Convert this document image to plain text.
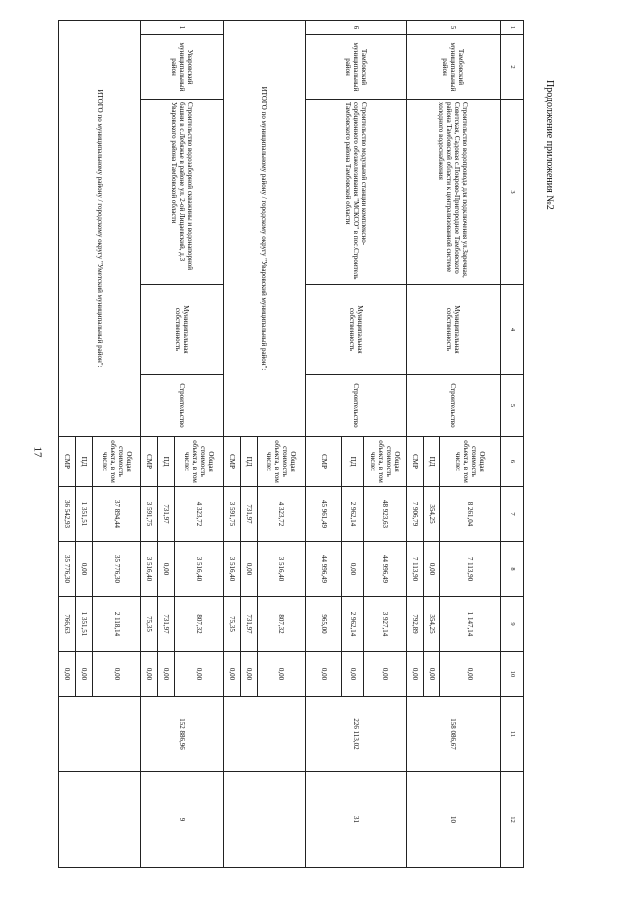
17
Продолжение приложения №2
1	2	3	4	5	6	7	8	9	10	11	12
5	Тамбовский муниципальный район	Строительство водопровода для подключения ул.Заречная, Советская, Садовая с.Покрово-Пригородное Тамбовского района Тамбовской области к централизованной системе холодного водоснабжения	Муниципальная собственность	Строительство	Общая стоимость объекта, в том числе:	8 261,04	7 113,90	1 147,14	0,00	158 086,67	10
					ПД	354,25	0,00	354,25	0,00		
					СМР	7 906,79	7 113,90	792,89	0,00		
6	Тамбовский муниципальный район	Строительство модульной станции комплексно-сорбционного обезжелезивания "МСКСО" в пос.Строитель Тамбовского района Тамбовской области	Муниципальная собственность	Строительство	Общая стоимость объекта, в том числе:	48 923,63	44 996,49	3 927,14	0,00	226 113,02	31
					ПД	2 962,14	0,00	2 962,14	0,00		
					СМР	45 961,49	44 996,49	965,00	0,00		
ИТОГО по муниципальному району / городскому округу "Уваровский муниципальный район":					Общая стоимость объекта, в том числе:	4 323,72	3 516,40	807,32	0,00		
					ПД	731,97	0,00	731,97	0,00		
					СМР	3 591,75	3 516,40	75,35	0,00		
1	Уваровский муниципальный район	Строительство водозаборной скважины и водонапорной башни в с.Лебяжье в районе ул. 2-ой Лицаевский, д.3 Уваровского района Тамбовской области	Муниципальная собственность	Строительство	Общая стоимость объекта, в том числе:	4 323,72	3 516,40	807,32	0,00	152 886,96	9
					ПД	731,97	0,00	731,97	0,00		
					СМР	3 591,75	3 516,40	75,35	0,00		
ИТОГО по муниципальному району / городскому округу "Уметский муниципальный район":					Общая стоимость объекта, в том числе:	37 894,44	35 776,30	2 118,14	0,00		
					ПД	1 351,51	0,00	1 351,51	0,00		
					СМР	36 542,93	35 776,30	766,63	0,00		
